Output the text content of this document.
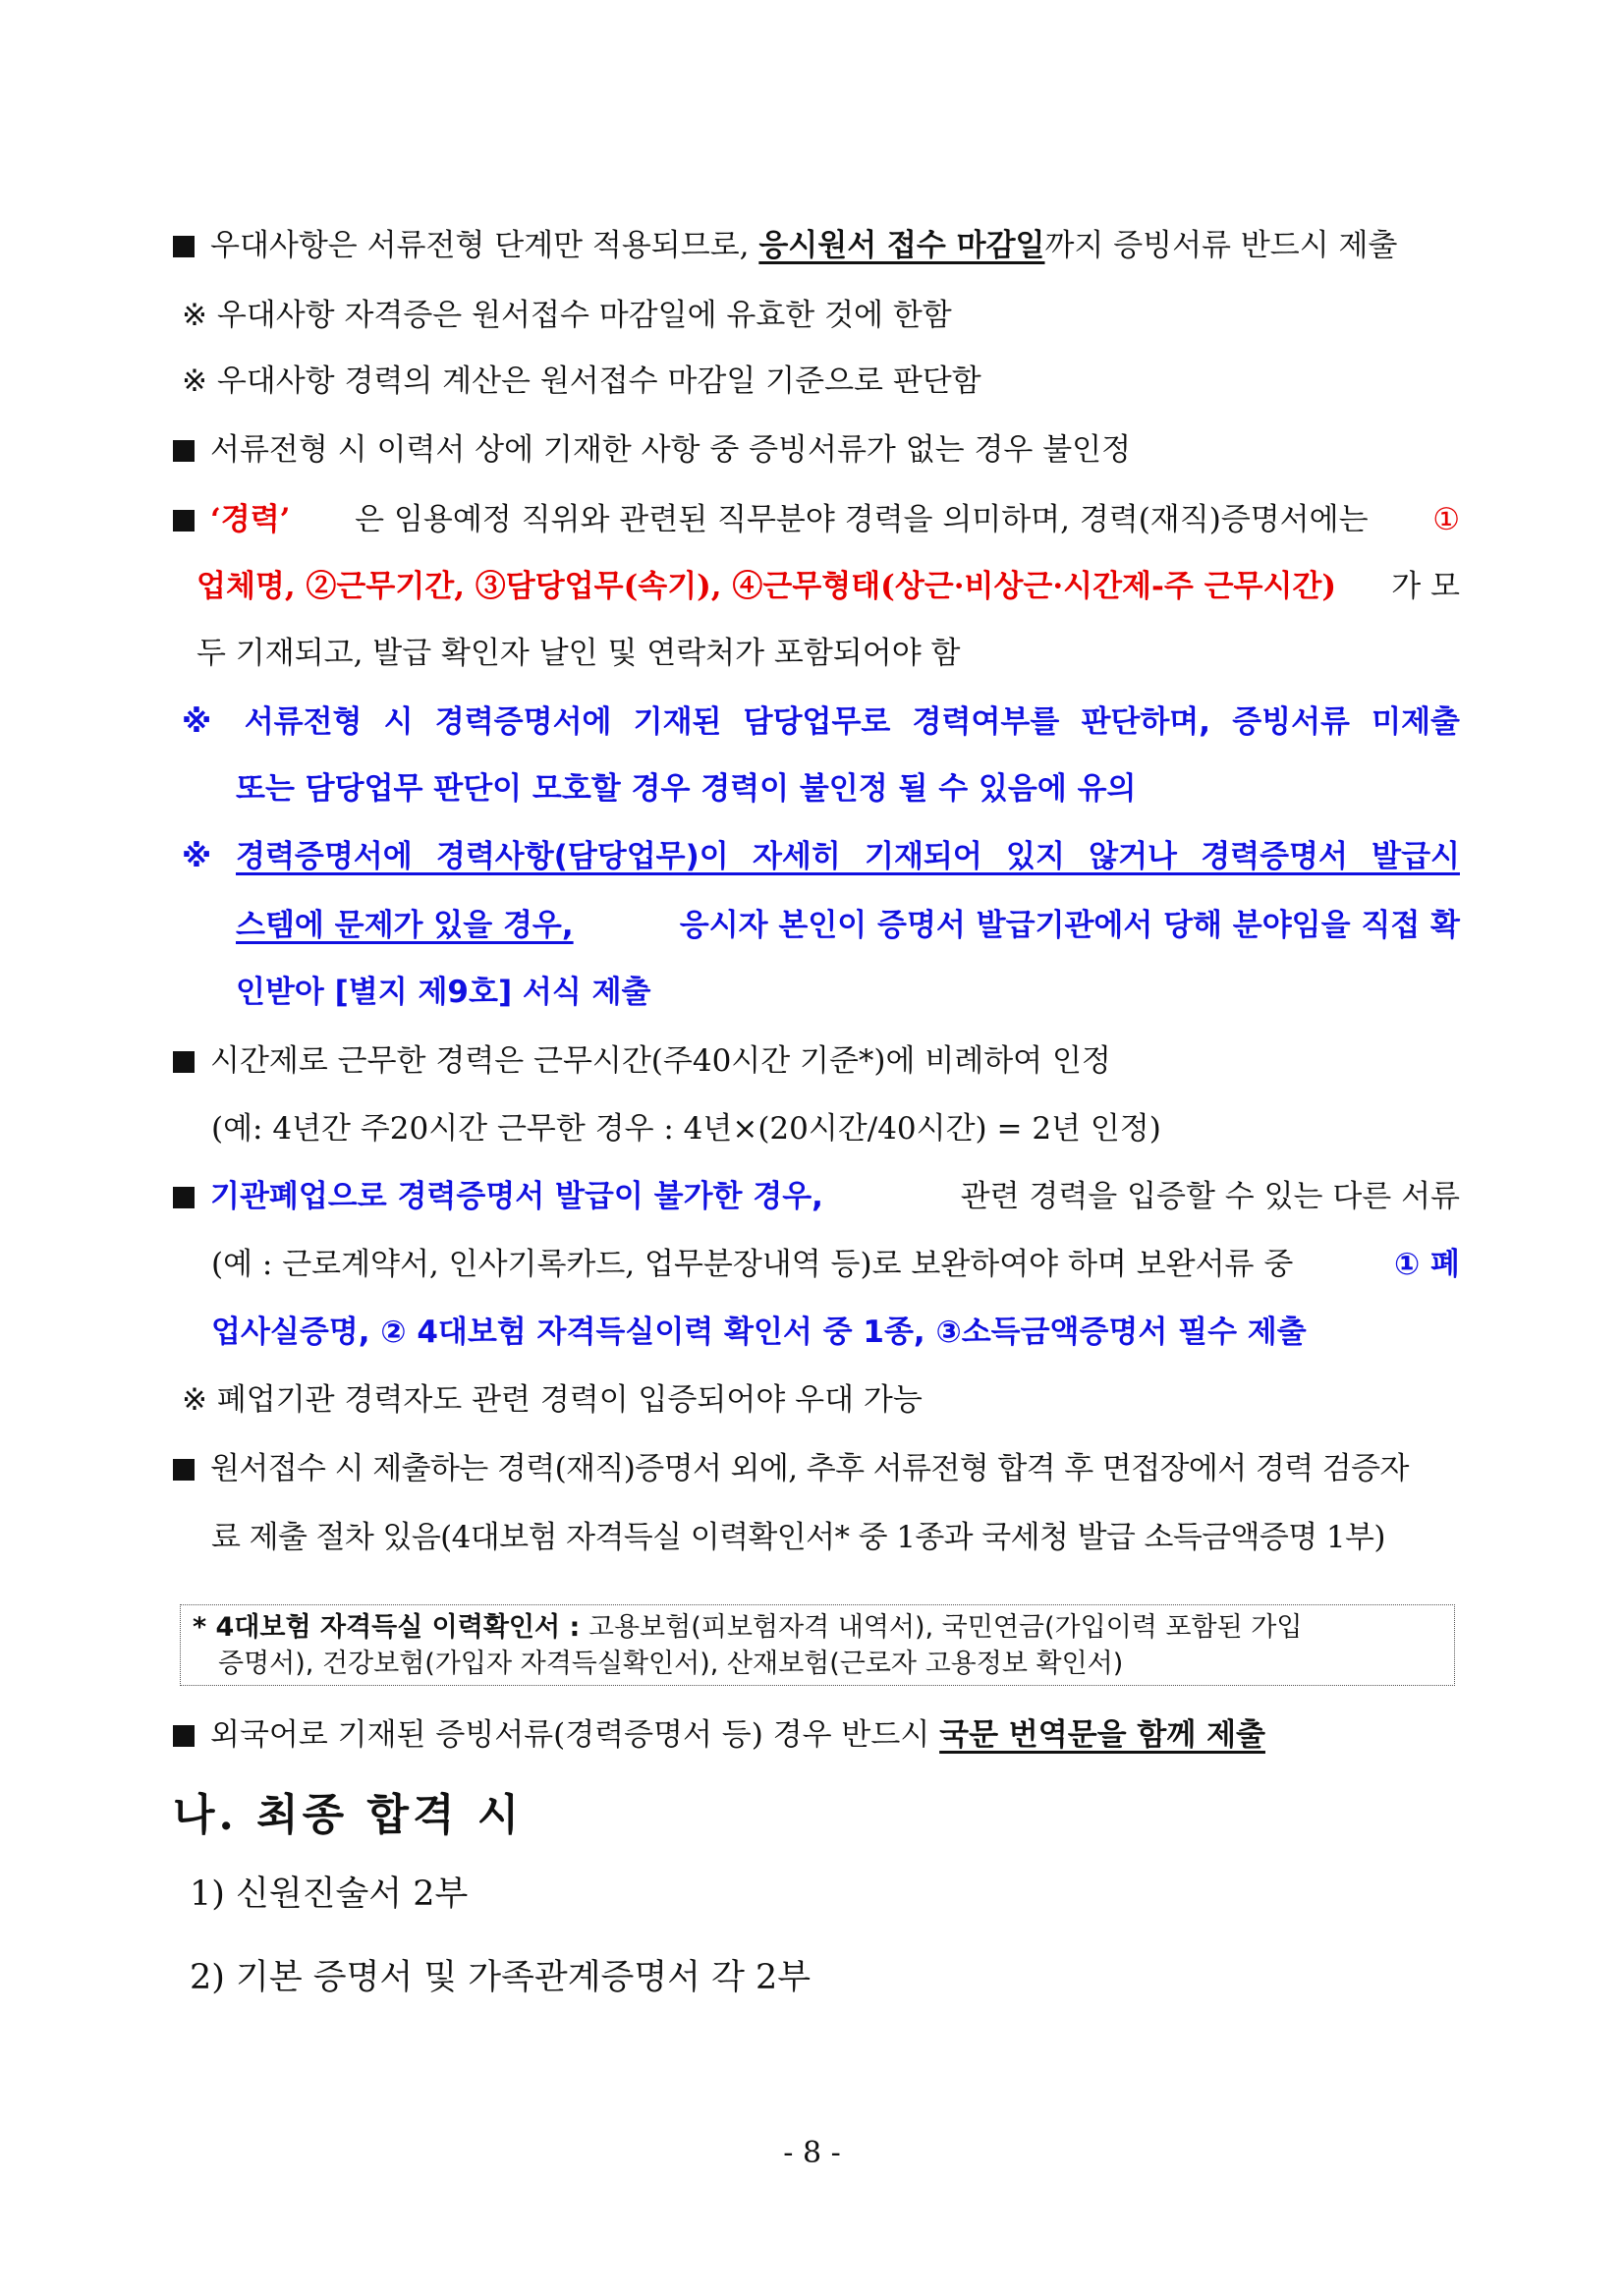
우대사항은 서류전형 단계만 적용되므로, 응시원서 접수 마감일까지 증빙서류 반드시 제출
※ 우대사항 자격증은 원서접수 마감일에 유효한 것에 한함
※ 우대사항 경력의 계산은 원서접수 마감일 기준으로 판단함
서류전형 시 이력서 상에 기재한 사항 중 증빙서류가 없는 경우 불인정
‘경력’ 은 임용예정 직위와 관련된 직무분야 경력을 의미하며, 경력(재직)증명서에는 ①
업체명, ②근무기간, ③담당업무(속기), ④근무형태(상근·비상근·시간제-주 근무시간) 가 모
두 기재되고, 발급 확인자 날인 및 연락처가 포함되어야 함
※ 서류전형 시 경력증명서에 기재된 담당업무로 경력여부를 판단하며, 증빙서류 미제출
또는 담당업무 판단이 모호할 경우 경력이 불인정 될 수 있음에 유의
※ 경력증명서에 경력사항(담당업무)이 자세히 기재되어 있지 않거나 경력증명서 발급시
스템에 문제가 있을 경우,	응시자 본인이 증명서 발급기관에서 당해 분야임을 직접 확
인받아 [별지 제9호] 서식 제출
시간제로 근무한 경력은 근무시간(주40시간 기준*)에 비례하여 인정
(예: 4년간 주20시간 근무한 경우 : 4년×(20시간/40시간) = 2년 인정)
기관폐업으로 경력증명서 발급이 불가한 경우,	관련 경력을 입증할 수 있는 다른 서류
(예 : 근로계약서, 인사기록카드, 업무분장내역 등)로 보완하여야 하며 보완서류 중	① 폐
업사실증명, ② 4대보험 자격득실이력 확인서 중 1종, ③소득금액증명서 필수 제출
※ 폐업기관 경력자도 관련 경력이 입증되어야 우대 가능
원서접수 시 제출하는 경력(재직)증명서 외에, 추후 서류전형 합격 후 면접장에서 경력 검증자
료 제출 절차 있음(4대보험 자격득실 이력확인서* 중 1종과 국세청 발급 소득금액증명 1부)
* 4대보험 자격득실 이력확인서 : 고용보험(피보험자격 내역서), 국민연금(가입이력 포함된 가입
증명서), 건강보험(가입자 자격득실확인서), 산재보험(근로자 고용정보 확인서)
외국어로 기재된 증빙서류(경력증명서 등) 경우 반드시 국문 번역문을 함께 제출
나. 최종 합격 시
1) 신원진술서 2부
2) 기본 증명서 및 가족관계증명서 각 2부
- 8 -
